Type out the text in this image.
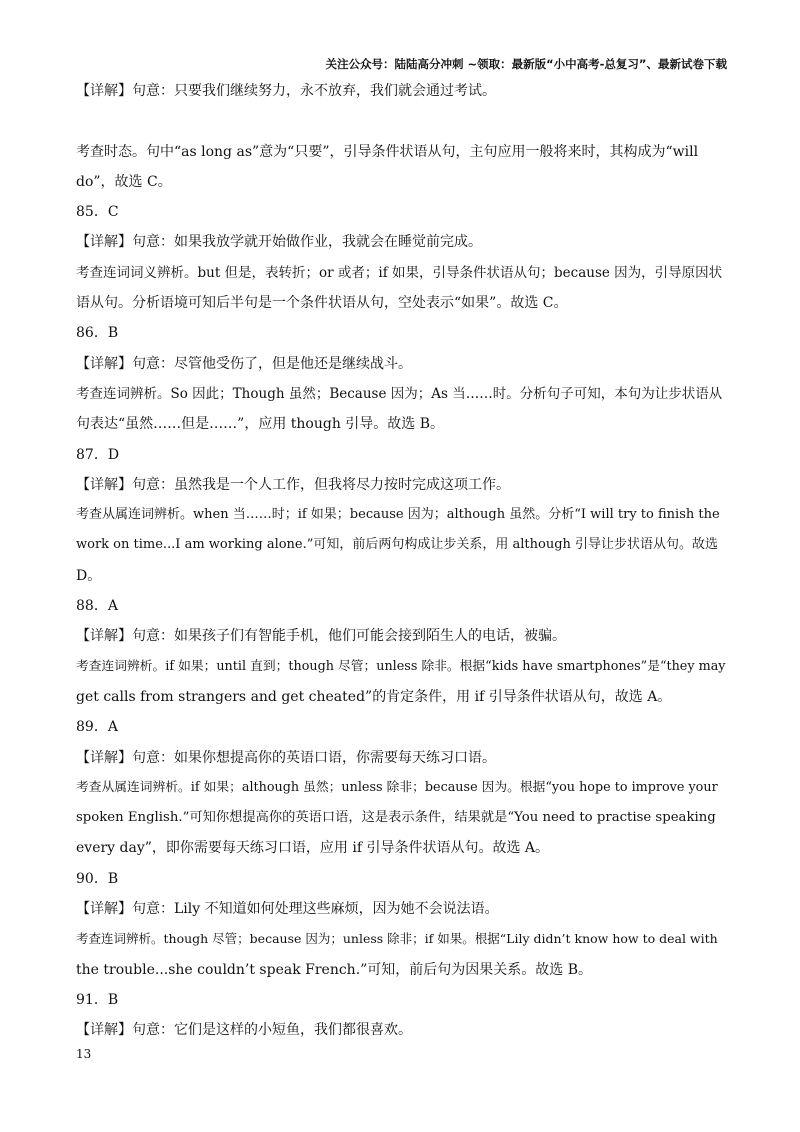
关注公众号：陆陆高分冲刺 ~领取：最新版“小中高考-总复习”、最新试卷下载
【详解】句意：只要我们继续努力，永不放弃，我们就会通过考试。
考查时态。句中“as long as”意为“只要”，引导条件状语从句，主句应用一般将来时，其构成为“will
do”，故选 C。
85．C
【详解】句意：如果我放学就开始做作业，我就会在睡觉前完成。
考查连词词义辨析。but 但是，表转折；or 或者；if 如果，引导条件状语从句；because 因为，引导原因状
语从句。分析语境可知后半句是一个条件状语从句，空处表示“如果”。故选 C。
86．B
【详解】句意：尽管他受伤了，但是他还是继续战斗。
考查连词辨析。So 因此；Though 虽然；Because 因为；As 当……时。分析句子可知，本句为让步状语从
句表达“虽然……但是……”，应用 though 引导。故选 B。
87．D
【详解】句意：虽然我是一个人工作，但我将尽力按时完成这项工作。
考查从属连词辨析。when 当……时；if 如果；because 因为；although 虽然。分析“I will try to finish the
work on time...I am working alone.”可知，前后两句构成让步关系，用 although 引导让步状语从句。故选
D。
88．A
【详解】句意：如果孩子们有智能手机，他们可能会接到陌生人的电话，被骗。
考查连词辨析。if 如果；until 直到；though 尽管；unless 除非。根据“kids have smartphones”是“they may
get calls from strangers and get cheated”的肯定条件，用 if 引导条件状语从句，故选 A。
89．A
【详解】句意：如果你想提高你的英语口语，你需要每天练习口语。
考查从属连词辨析。if 如果；although 虽然；unless 除非；because 因为。根据“you hope to improve your
spoken English.”可知你想提高你的英语口语，这是表示条件，结果就是“You need to practise speaking
every day”，即你需要每天练习口语，应用 if 引导条件状语从句。故选 A。
90．B
【详解】句意：Lily 不知道如何处理这些麻烦，因为她不会说法语。
考查连词辨析。though 尽管；because 因为；unless 除非；if 如果。根据“Lily didn’t know how to deal with
the trouble...she couldn’t speak French.”可知，前后句为因果关系。故选 B。
91．B
【详解】句意：它们是这样的小短鱼，我们都很喜欢。
13
